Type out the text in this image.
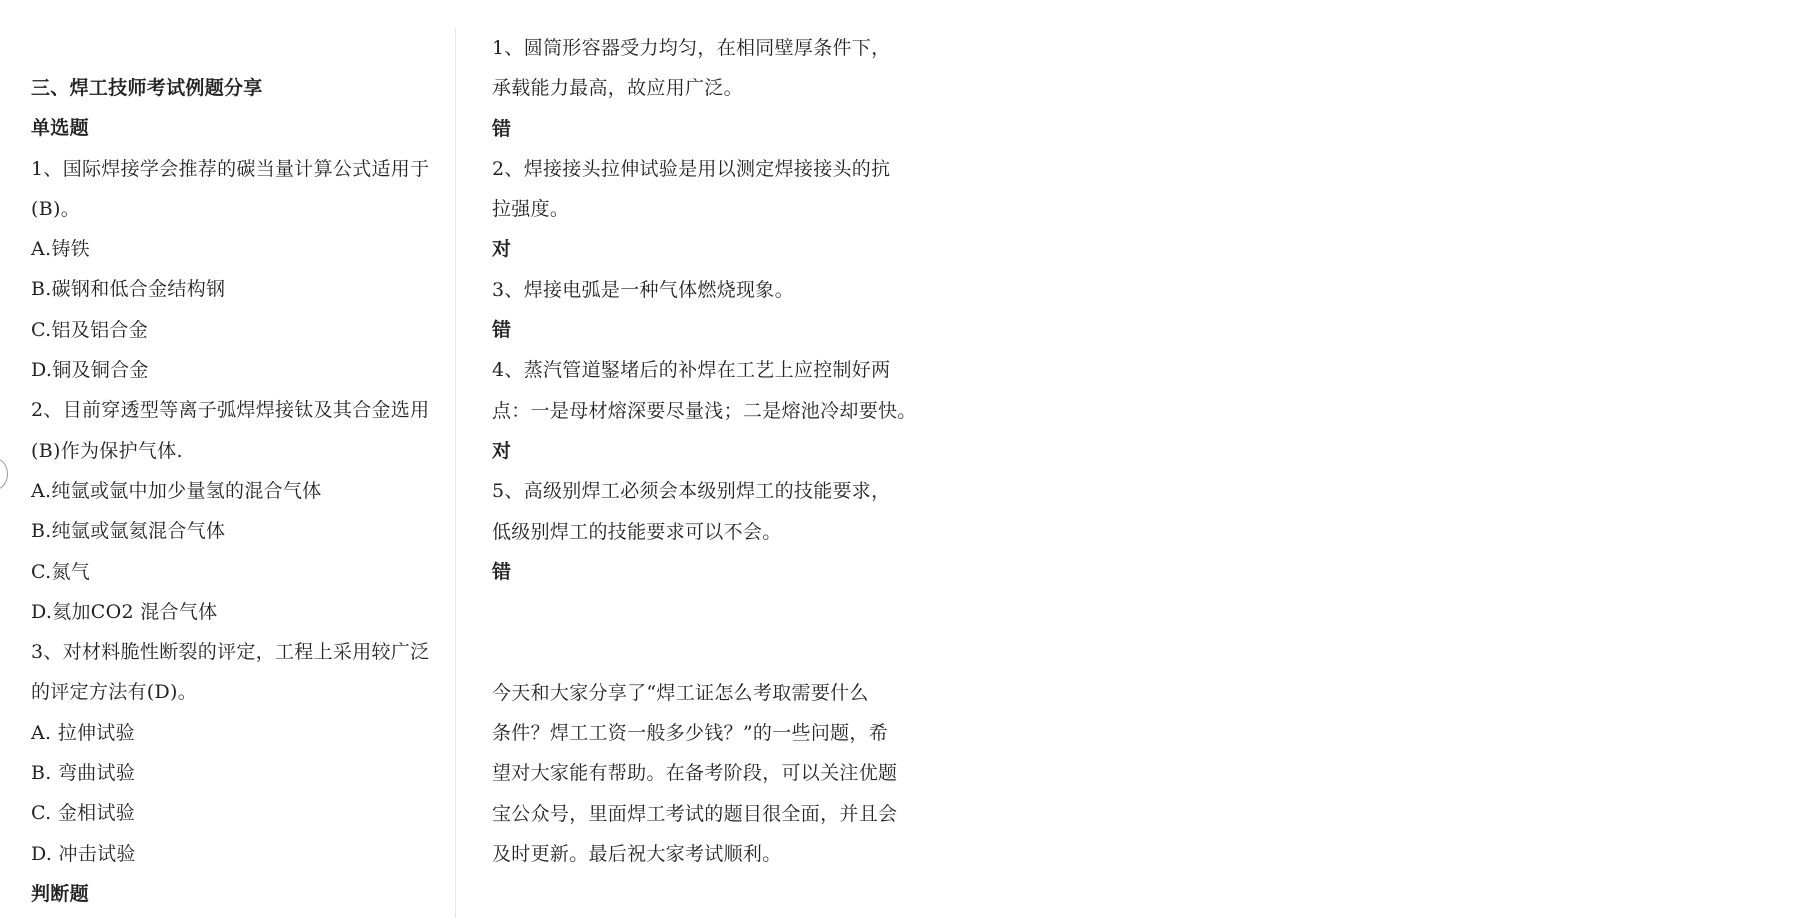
三、焊工技师考试例题分享
单选题
1、国际焊接学会推荐的碳当量计算公式适用于
(B)。
A.铸铁
B.碳钢和低合金结构钢
C.铝及铝合金
D.铜及铜合金
2、目前穿透型等离子弧焊焊接钛及其合金选用
(B)作为保护气体.
A.纯氩或氩中加少量氢的混合气体
B.纯氩或氩氦混合气体
C.氮气
D.氦加CO2 混合气体
3、对材料脆性断裂的评定，工程上采用较广泛
的评定方法有(D)。
A. 拉伸试验
B. 弯曲试验
C. 金相试验
D. 冲击试验
判断题
1、圆筒形容器受力均匀，在相同壁厚条件下，
承载能力最高，故应用广泛。
错
2、焊接接头拉伸试验是用以测定焊接接头的抗
拉强度。
对
3、焊接电弧是一种气体燃烧现象。
错
4、蒸汽管道鋻堵后的补焊在工艺上应控制好两
点：一是母材熔深要尽量浅；二是熔池冷却要快。
对
5、高级别焊工必须会本级别焊工的技能要求，
低级别焊工的技能要求可以不会。
错
今天和大家分享了“焊工证怎么考取需要什么
条件？焊工工资一般多少钱？”的一些问题，希
望对大家能有帮助。在备考阶段，可以关注优题
宝公众号，里面焊工考试的题目很全面，并且会
及时更新。最后祝大家考试顺利。
